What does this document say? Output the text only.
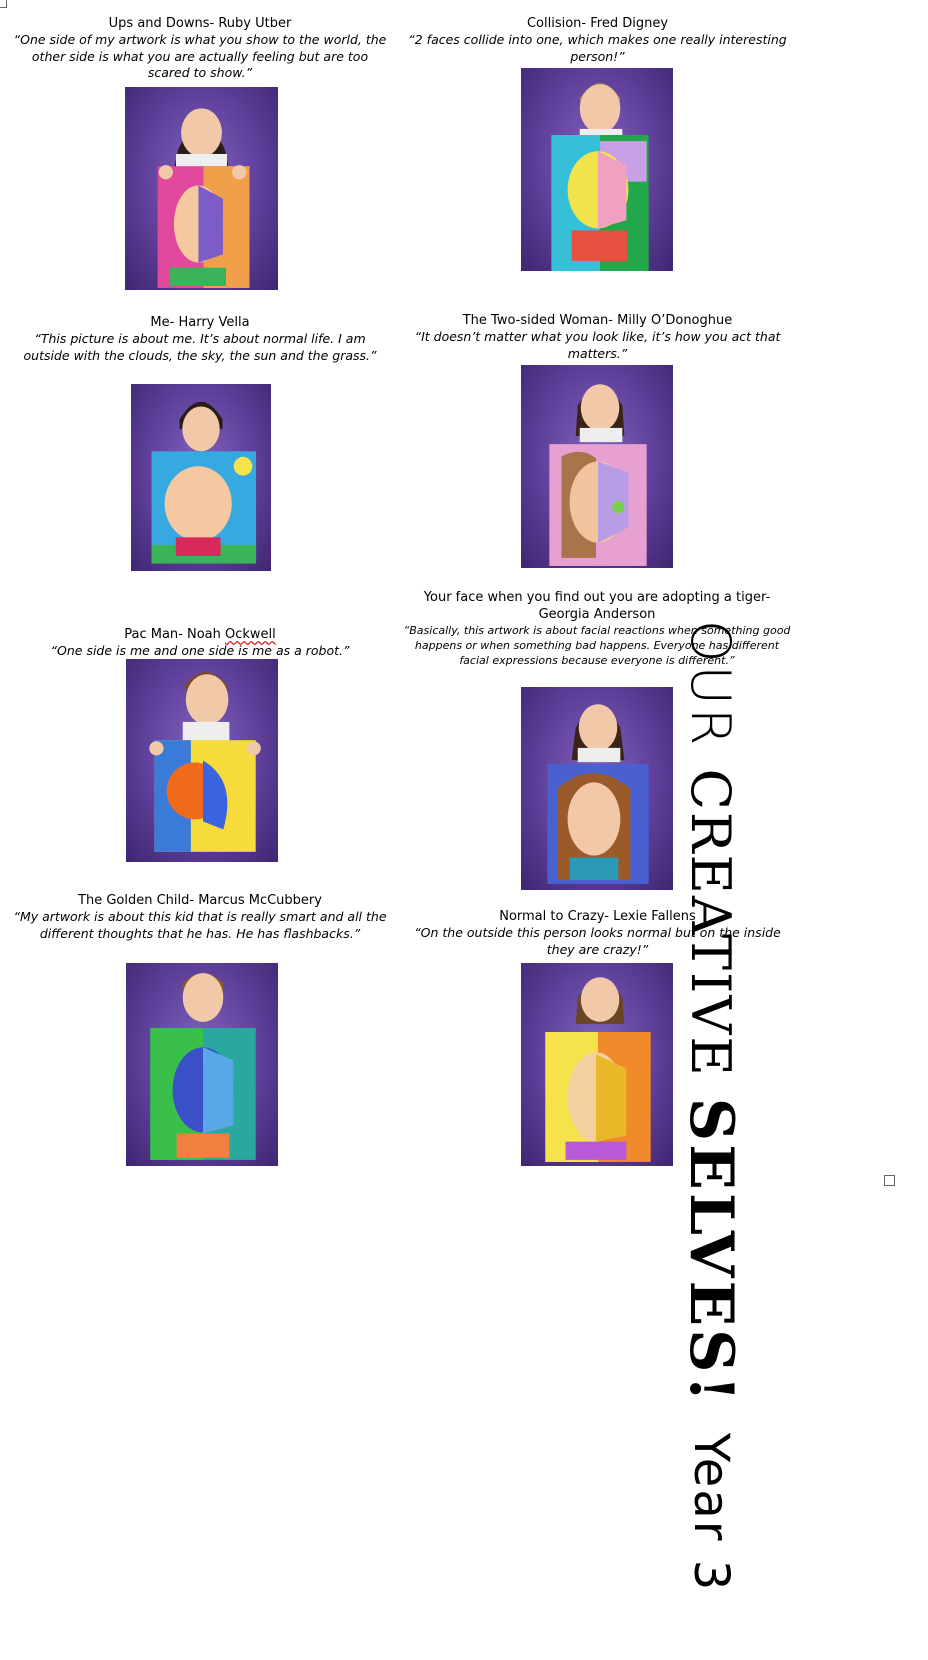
Ups and Downs- Ruby Utber
“One side of my artwork is what you show to the world, the other side is what you are actually feeling but are too scared to show.”
Collision- Fred Digney
“2 faces collide into one, which makes one really interesting person!”
Me- Harry Vella
“This picture is about me. It’s about normal life. I am outside with the clouds, the sky, the sun and the grass.”
The Two-sided Woman- Milly O’Donoghue
“It doesn’t matter what you look like, it’s how you act that matters.”
Pac Man- Noah Ockwell
“One side is me and one side is me as a robot.”
Your face when you find out you are adopting a tiger- Georgia Anderson
“Basically, this artwork is about facial reactions when something good happens or when something bad happens. Everyone has different facial expressions because everyone is different.”
The Golden Child- Marcus McCubbery
“My artwork is about this kid that is really smart and all the different thoughts that he has. He has flashbacks.”
Normal to Crazy- Lexie Fallens
“On the outside this person looks normal but on the inside they are crazy!”
OUR
CREATIVE
SELVES!
Year 3
